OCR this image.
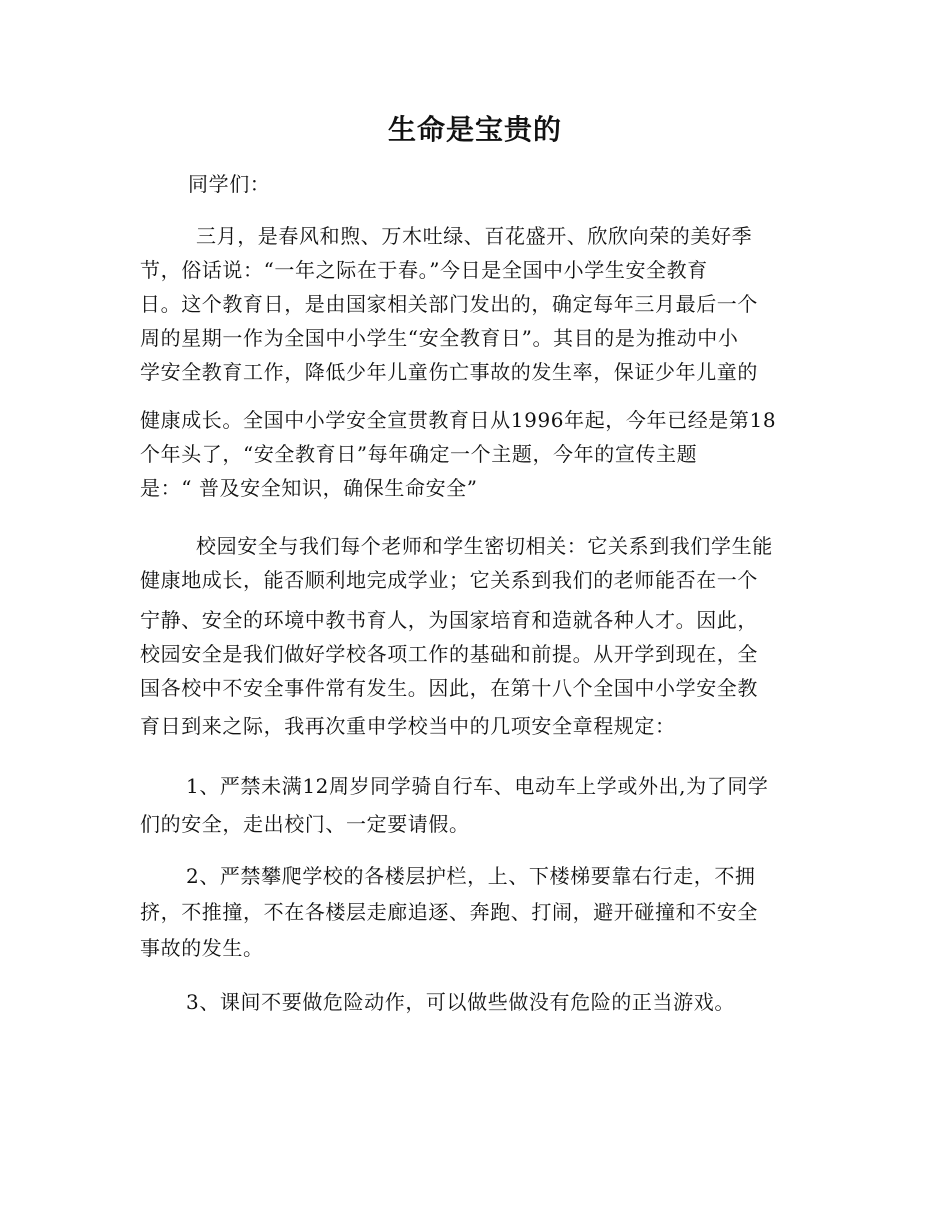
生命是宝贵的
同学们：
三月，是春风和煦、万木吐绿、百花盛开、欣欣向荣的美好季
节，俗话说：“一年之际在于春。”今日是全国中小学生安全教育
日。这个教育日，是由国家相关部门发出的，确定每年三月最后一个
周的星期一作为全国中小学生“安全教育日”。其目的是为推动中小
学安全教育工作，降低少年儿童伤亡事故的发生率，保证少年儿童的
健康成长。全国中小学安全宣贯教育日从1996年起，今年已经是第18
个年头了，“安全教育日”每年确定一个主题，今年的宣传主题
是：“ 普及安全知识，确保生命安全”
校园安全与我们每个老师和学生密切相关：它关系到我们学生能
健康地成长，能否顺利地完成学业；它关系到我们的老师能否在一个
宁静、安全的环境中教书育人，为国家培育和造就各种人才。因此，
校园安全是我们做好学校各项工作的基础和前提。从开学到现在，全
国各校中不安全事件常有发生。因此，在第十八个全国中小学安全教
育日到来之际，我再次重申学校当中的几项安全章程规定：
1、严禁未满12周岁同学骑自行车、电动车上学或外出,为了同学
们的安全，走出校门、一定要请假。
2、严禁攀爬学校的各楼层护栏，上、下楼梯要靠右行走，不拥
挤，不推撞，不在各楼层走廊追逐、奔跑、打闹，避开碰撞和不安全
事故的发生。
3、课间不要做危险动作，可以做些做没有危险的正当游戏。
